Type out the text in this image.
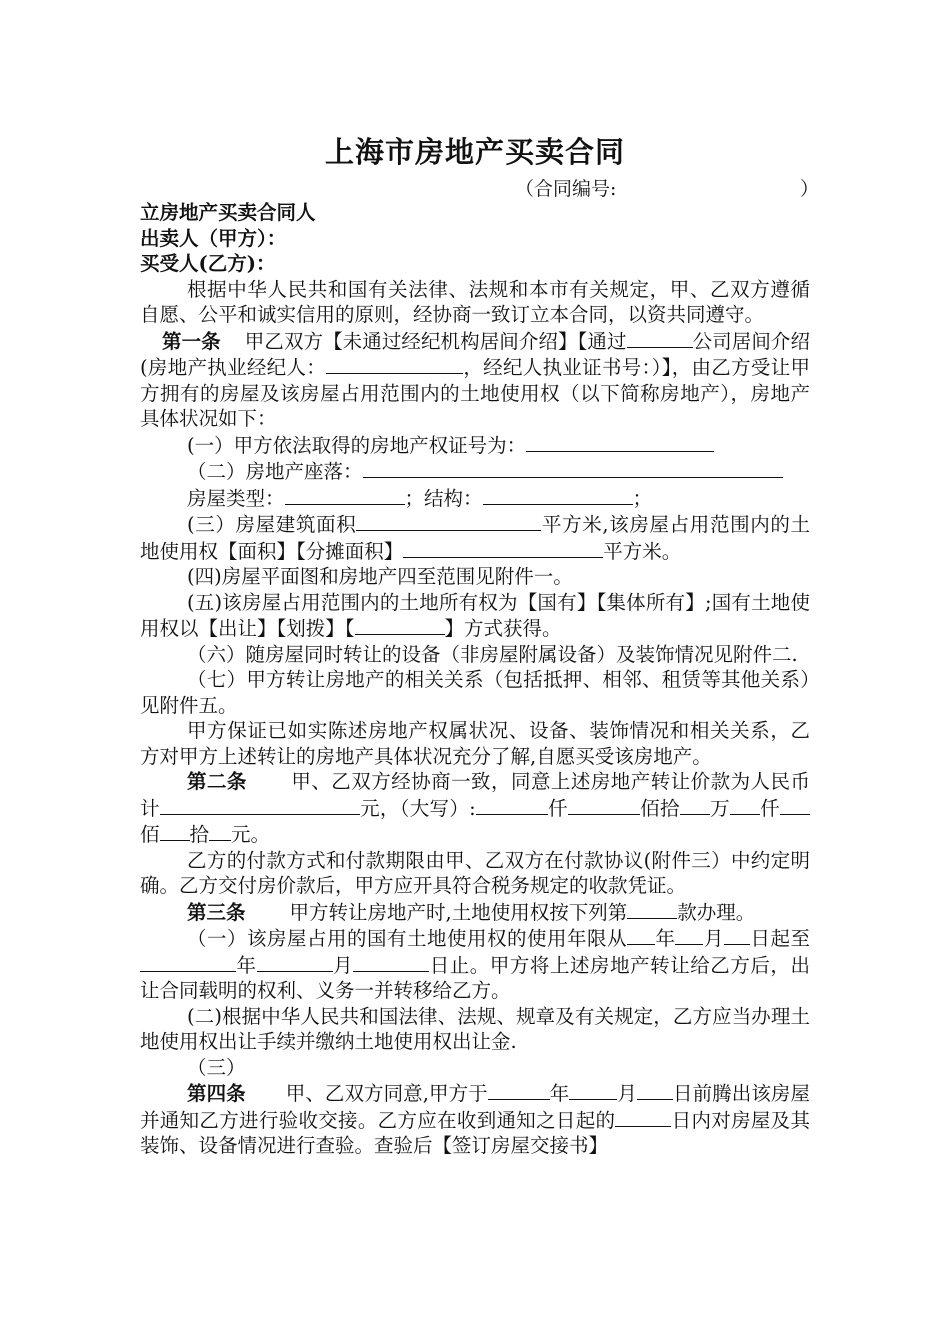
上海市房地产买卖合同
（合同编号:	）

立房地产买卖合同人

出卖人（甲方）：

买受人(乙方)：

根据中华人民共和国有关法律、法规和本市有关规定，甲、乙双方遵循自愿、公平和诚实信用的原则，经协商一致订立本合同，以资共同遵守。

第一条 甲乙双方【未通过经纪机构居间介绍】【通过	公司居间介绍(房地产执业经纪人：	，经纪人执业证书号：）】，由乙方受让甲方拥有的房屋及该房屋占用范围内的土地使用权（以下简称房地产），房地产具体状况如下：

(一）甲方依法取得的房地产权证号为：

（二）房地产座落：

房屋类型：	；结构：	；

(三）房屋建筑面积	平方米,该房屋占用范围内的土地使用权【面积】【分摊面积】	平方米。

(四)房屋平面图和房地产四至范围见附件一。

(五)该房屋占用范围内的土地所有权为【国有】【集体所有】;国有土地使用权以【出让】【划拨】【	】方式获得。

（六）随房屋同时转让的设备（非房屋附属设备）及装饰情况见附件二.

（七）甲方转让房地产的相关关系（包括抵押、相邻、租赁等其他关系）见附件五。

甲方保证已如实陈述房地产权属状况、设备、装饰情况和相关关系，乙方对甲方上述转让的房地产具体状况充分了解,自愿买受该房地产。

第二条 甲、乙双方经协商一致，同意上述房地产转让价款为人民币计	元，（大写）:	仟	佰拾 万 仟佰 拾 元。

乙方的付款方式和付款期限由甲、乙双方在付款协议(附件三）中约定明确。乙方交付房价款后，甲方应开具符合税务规定的收款凭证。

第三条 甲方转让房地产时,土地使用权按下列第	款办理。

（一）该房屋占用的国有土地使用权的使用年限从 年 月 日起至年	月	日止。甲方将上述房地产转让给乙方后，出让合同载明的权利、义务一并转移给乙方。

(二)根据中华人民共和国法律、法规、规章及有关规定，乙方应当办理土地使用权出让手续并缴纳土地使用权出让金.

（三）

第四条 甲、乙双方同意,甲方于	年 月 日前腾出该房屋并通知乙方进行验收交接。乙方应在收到通知之日起的	日内对房屋及其装饰、设备情况进行查验。查验后【签订房屋交接书】
